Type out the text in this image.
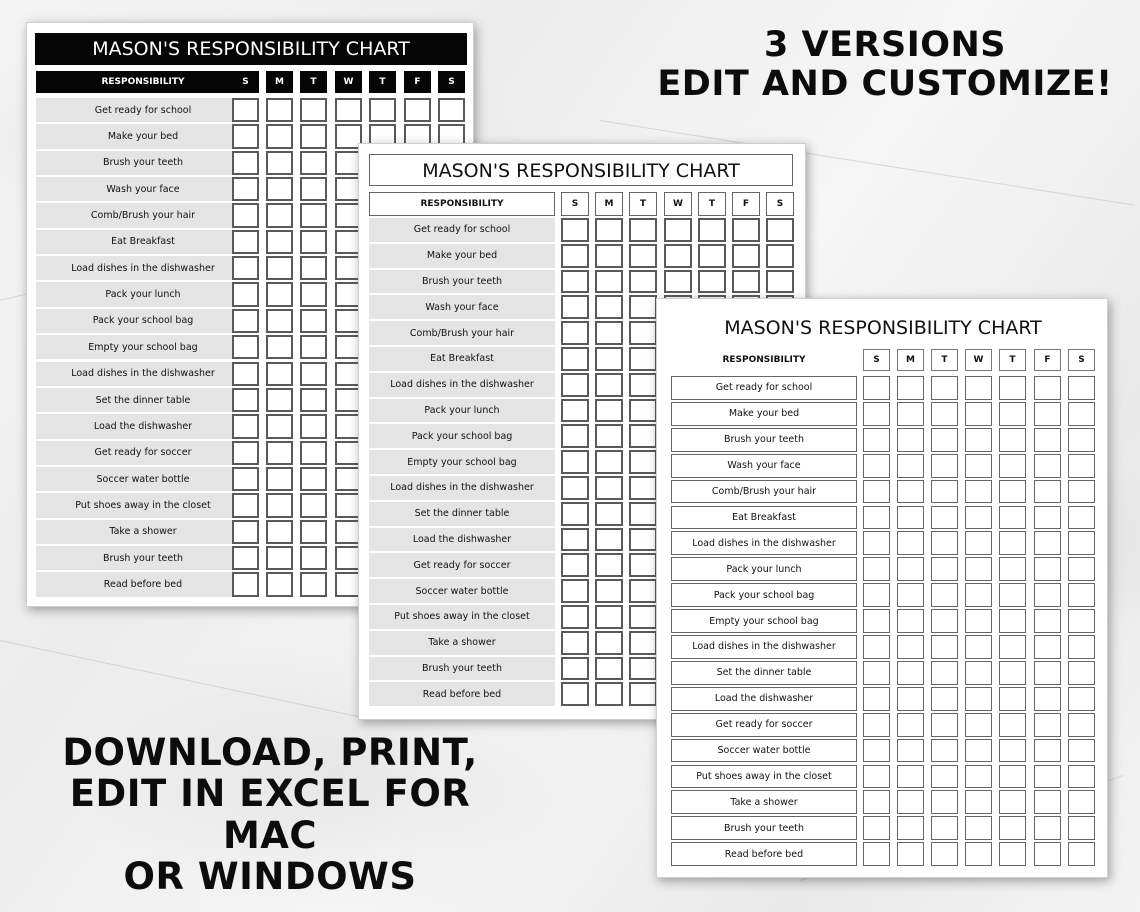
3 VERSIONS
EDIT AND CUSTOMIZE!
DOWNLOAD, PRINT,
EDIT IN EXCEL FOR MAC
OR WINDOWS
MASON'S RESPONSIBILITY CHART
RESPONSIBILITY	S	M	T	W	T	F	S
Get ready for school
Make your bed
Brush your teeth
Wash your face
Comb/Brush your hair
Eat Breakfast
Load dishes in the dishwasher
Pack your lunch
Pack your school bag
Empty your school bag
Load dishes in the dishwasher
Set the dinner table
Load the dishwasher
Get ready for soccer
Soccer water bottle
Put shoes away in the closet
Take a shower
Brush your teeth
Read before bed
MASON'S RESPONSIBILITY CHART
RESPONSIBILITY	S	M	T	W	T	F	S
Get ready for school
Make your bed
Brush your teeth
Wash your face
Comb/Brush your hair
Eat Breakfast
Load dishes in the dishwasher
Pack your lunch
Pack your school bag
Empty your school bag
Load dishes in the dishwasher
Set the dinner table
Load the dishwasher
Get ready for soccer
Soccer water bottle
Put shoes away in the closet
Take a shower
Brush your teeth
Read before bed
MASON'S RESPONSIBILITY CHART
RESPONSIBILITY	S	M	T	W	T	F	S
Get ready for school
Make your bed
Brush your teeth
Wash your face
Comb/Brush your hair
Eat Breakfast
Load dishes in the dishwasher
Pack your lunch
Pack your school bag
Empty your school bag
Load dishes in the dishwasher
Set the dinner table
Load the dishwasher
Get ready for soccer
Soccer water bottle
Put shoes away in the closet
Take a shower
Brush your teeth
Read before bed
